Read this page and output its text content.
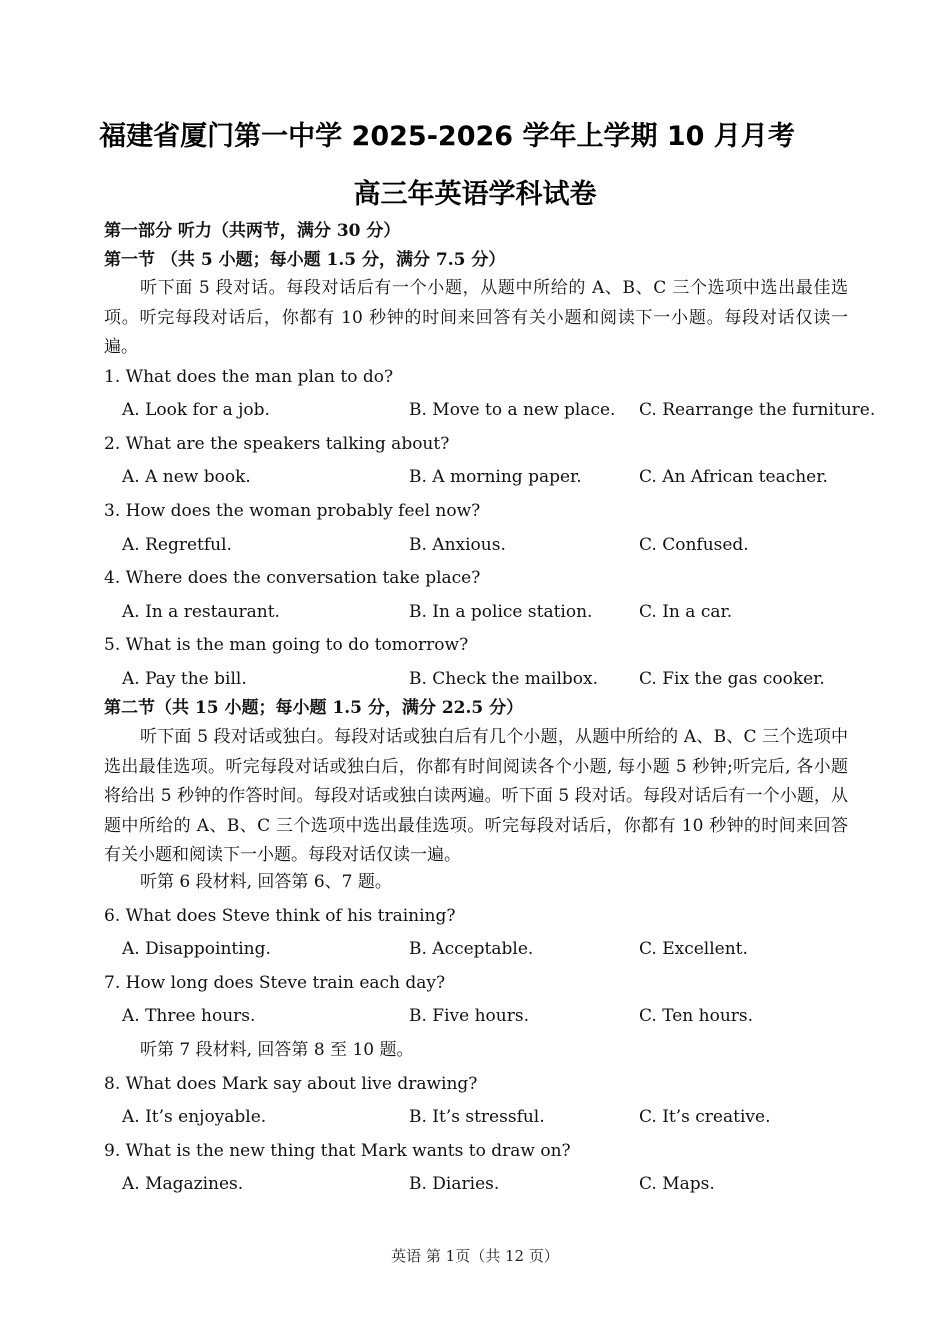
福建省厦门第一中学 2025-2026 学年上学期 10 月月考
高三年英语学科试卷
第一部分 听力（共两节，满分 30 分）
第一节 （共 5 小题；每小题 1.5 分，满分 7.5 分）
听下面 5 段对话。每段对话后有一个小题，从题中所给的 A、B、C 三个选项中选出最佳选项。听完每段对话后，你都有 10 秒钟的时间来回答有关小题和阅读下一小题。每段对话仅读一遍。
1. What does the man plan to do?
A. Look for a job.	B. Move to a new place. C. Rearrange the furniture.
2. What are the speakers talking about?
A. A new book.	B. A morning paper.	C. An African teacher.
3. How does the woman probably feel now?
A. Regretful.	B. Anxious.	C. Confused.
4. Where does the conversation take place?
A. In a restaurant.	B. In a police station.	C. In a car.
5. What is the man going to do tomorrow?
A. Pay the bill.	B. Check the mailbox. C. Fix the gas cooker.
第二节（共 15 小题；每小题 1.5 分，满分 22.5 分）
听下面 5 段对话或独白。每段对话或独白后有几个小题，从题中所给的 A、B、C 三个选项中选出最佳选项。听完每段对话或独白后，你都有时间阅读各个小题, 每小题 5 秒钟;听完后, 各小题将给出 5 秒钟的作答时间。每段对话或独白读两遍。听下面 5 段对话。每段对话后有一个小题，从题中所给的 A、B、C 三个选项中选出最佳选项。听完每段对话后，你都有 10 秒钟的时间来回答有关小题和阅读下一小题。每段对话仅读一遍。
听第 6 段材料, 回答第 6、7 题。
6. What does Steve think of his training?
A. Disappointing.	B. Acceptable.	C. Excellent.
7. How long does Steve train each day?
A. Three hours.	B. Five hours.	C. Ten hours.
听第 7 段材料, 回答第 8 至 10 题。
8. What does Mark say about live drawing?
A. It’s enjoyable.	B. It’s stressful.	C. It’s creative.
9. What is the new thing that Mark wants to draw on?
A. Magazines.	B. Diaries.	C. Maps.
英语 第 1页（共 12 页）
